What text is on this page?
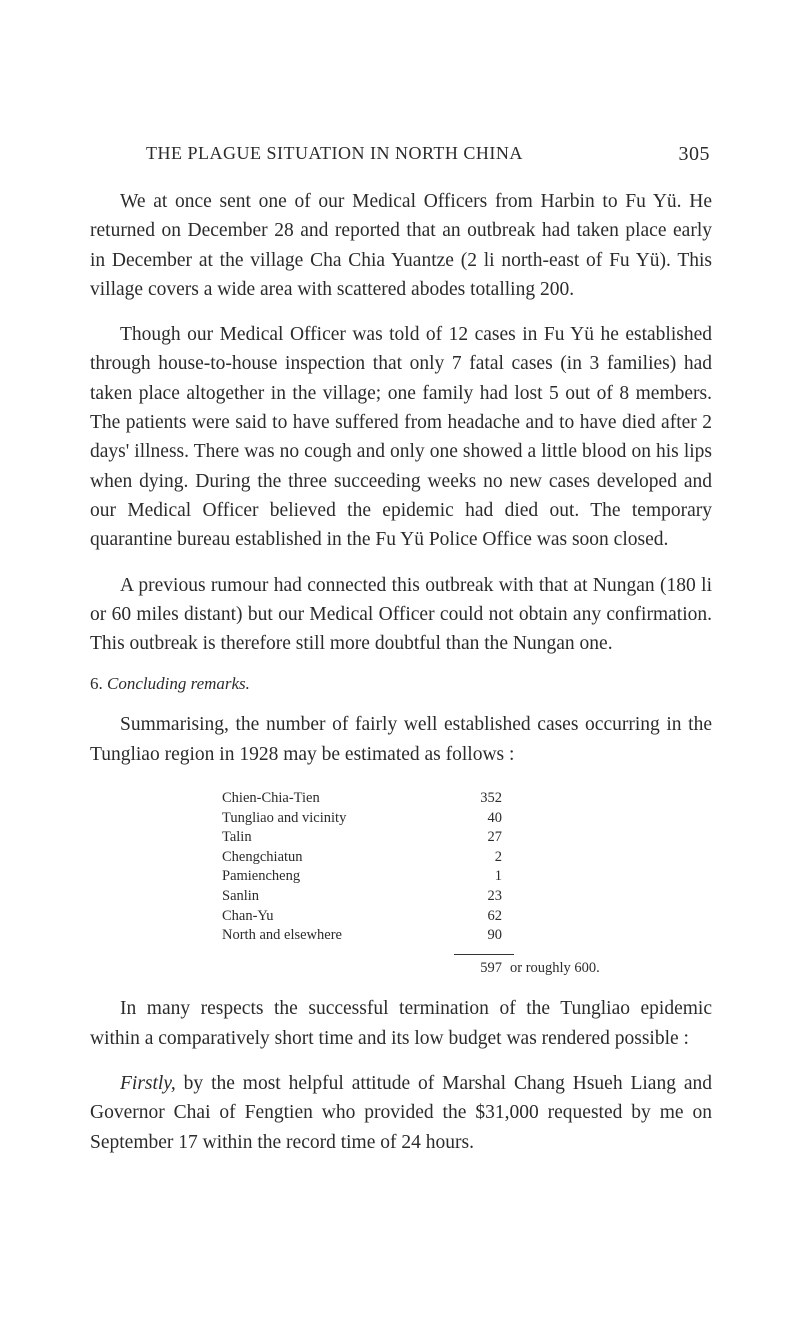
THE PLAGUE SITUATION IN NORTH CHINA	305

We at once sent one of our Medical Officers from Harbin to Fu Yü. He returned on December 28 and reported that an outbreak had taken place early in December at the village Cha Chia Yuantze (2 li north-east of Fu Yü). This village covers a wide area with scattered abodes totalling 200.

Though our Medical Officer was told of 12 cases in Fu Yü he established through house-to-house inspection that only 7 fatal cases (in 3 families) had taken place altogether in the village; one family had lost 5 out of 8 members. The patients were said to have suffered from headache and to have died after 2 days' illness. There was no cough and only one showed a little blood on his lips when dying. During the three succeeding weeks no new cases developed and our Medical Officer believed the epidemic had died out. The temporary quarantine bureau established in the Fu Yü Police Office was soon closed.

A previous rumour had connected this outbreak with that at Nungan (180 li or 60 miles distant) but our Medical Officer could not obtain any confirmation. This outbreak is therefore still more doubtful than the Nungan one.

6. Concluding remarks.

Summarising, the number of fairly well established cases occurring in the Tungliao region in 1928 may be estimated as follows :

Chien-Chia-Tien	352
Tungliao and vicinity	40
Talin	27
Chengchiatun	2
Pamiencheng	1
Sanlin	23
Chan-Yu	62
North and elsewhere	90
597 or roughly 600.

In many respects the successful termination of the Tungliao epidemic within a comparatively short time and its low budget was rendered possible :

Firstly, by the most helpful attitude of Marshal Chang Hsueh Liang and Governor Chai of Fengtien who provided the $31,000 requested by me on September 17 within the record time of 24 hours.
